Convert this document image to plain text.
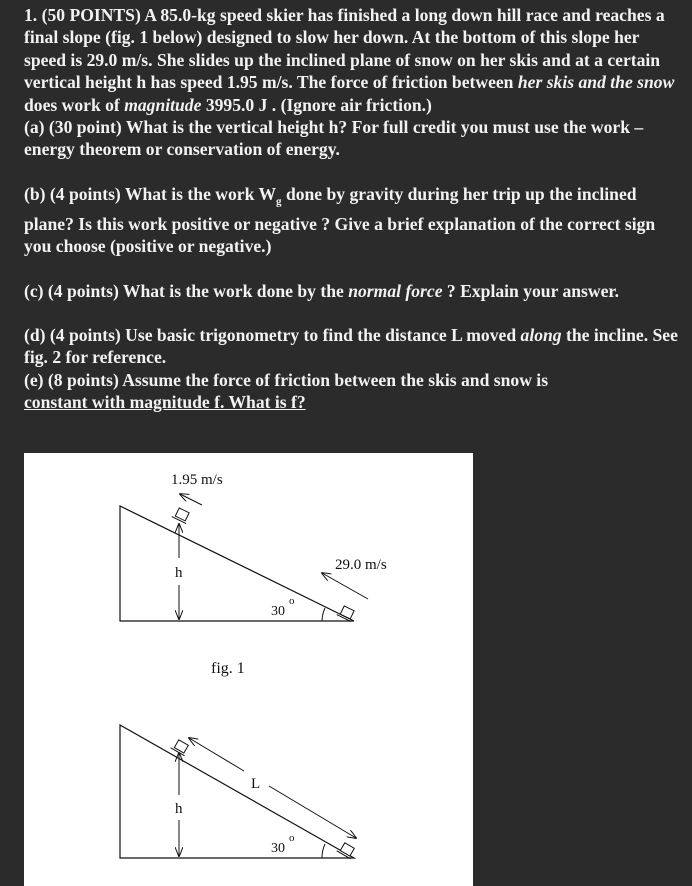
1. (50 POINTS) A 85.0-kg speed skier has finished a long down hill race and reaches a final slope (fig. 1 below) designed to slow her down. At the bottom of this slope her speed is 29.0 m/s. She slides up the inclined plane of snow on her skis and at a certain vertical height h has speed 1.95 m/s. The force of friction between her skis and the snow does work of magnitude 3995.0 J . (Ignore air friction.)

(a) (30 point) What is the vertical height h? For full credit you must use the work – energy theorem or conservation of energy.

(b) (4 points) What is the work $W_g$ done by gravity during her trip up the inclined plane? Is this work positive or negative ? Give a brief explanation of the correct sign you choose (positive or negative.)

(c) (4 points) What is the work done by the normal force ? Explain your answer.

(d) (4 points) Use basic trigonometry to find the distance L moved along the incline. See fig. 2 for reference.

(e) (8 points) Assume the force of friction between the skis and snow is
constant with magnitude f. What is f?

1.95 m/s
29.0 m/s
h
30
o
fig. 1
L
h
30
o
